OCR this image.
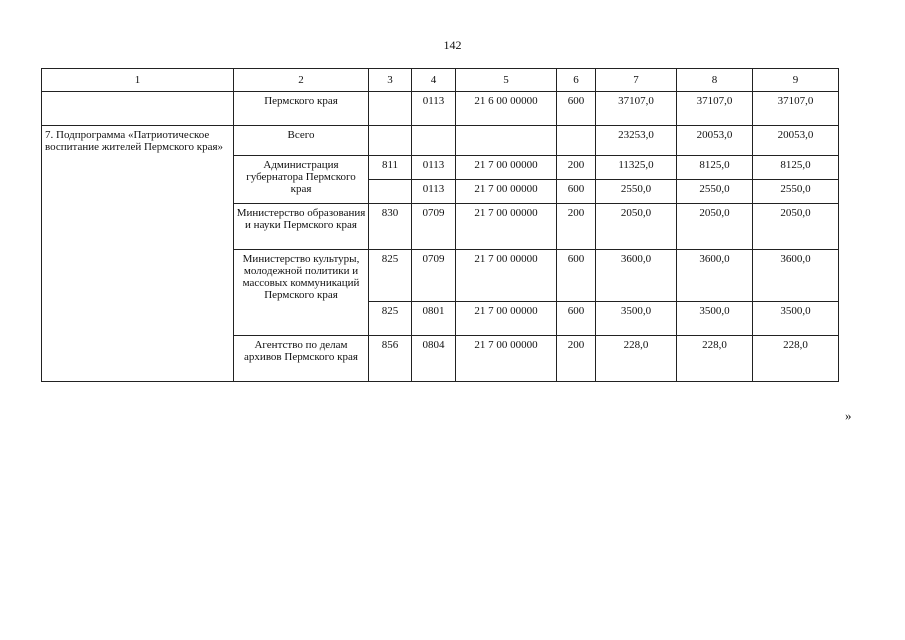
142
1	2	3	4	5	6	7	8	9
	Пермского края		0113	21 6 00 00000	600	37107,0	37107,0	37107,0
7. Подпрограмма «Патриотическое воспитание жителей Пермского края»	Всего					23253,0	20053,0	20053,0
	Администрация губернатора Пермского края	811	0113	21 7 00 00000	200	11325,0	8125,0	8125,0
			0113	21 7 00 00000	600	2550,0	2550,0	2550,0
	Министерство образования и науки Пермского края	830	0709	21 7 00 00000	200	2050,0	2050,0	2050,0
	Министерство культуры, молодежной политики и массовых коммуникаций Пермского края	825	0709	21 7 00 00000	600	3600,0	3600,0	3600,0
		825	0801	21 7 00 00000	600	3500,0	3500,0	3500,0
	Агентство по делам архивов Пермского края	856	0804	21 7 00 00000	200	228,0	228,0	228,0
»
